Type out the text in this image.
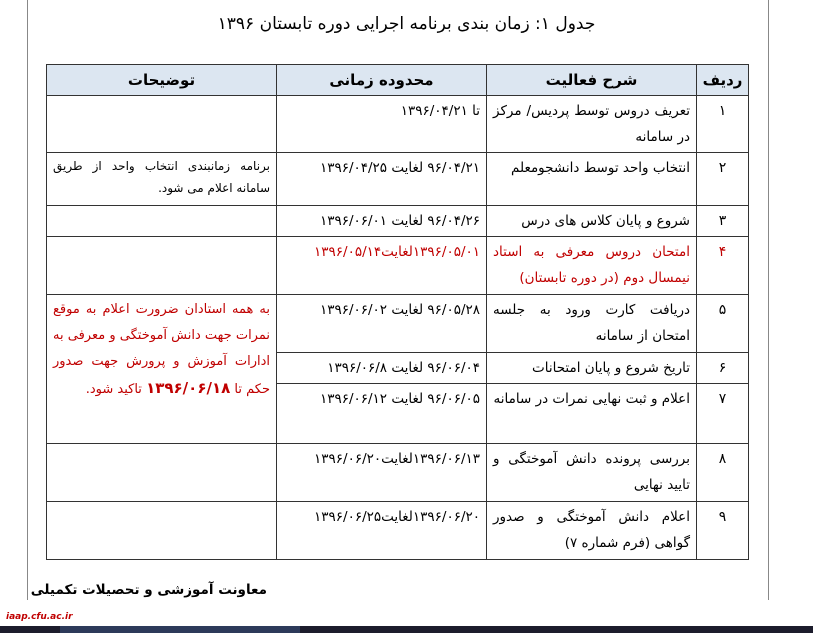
جدول ۱: زمان بندی برنامه اجرایی دوره تابستان ۱۳۹۶
ردیف	شرح فعالیت	محدوده زمانی	توضیحات
۱	تعریف دروس توسط پردیس/ مرکز در سامانه	تا ۱۳۹۶/۰۴/۲۱	
۲	انتخاب واحد توسط دانشجومعلم	۹۶/۰۴/۲۱ لغایت ۱۳۹۶/۰۴/۲۵	برنامه زمانبندی انتخاب واحد از طریق سامانه اعلام می شود.
۳	شروع و پایان کلاس های درس	۹۶/۰۴/۲۶ لغایت ۱۳۹۶/۰۶/۰۱	
۴	امتحان دروس معرفی به استاد نیمسال دوم (در دوره تابستان)	۱۳۹۶/۰۵/۰۱لغایت۱۳۹۶/۰۵/۱۴	
۵	دریافت کارت ورود به جلسه امتحان از سامانه	۹۶/۰۵/۲۸ لغایت ۱۳۹۶/۰۶/۰۲	به همه استادان ضرورت اعلام به موقع نمرات جهت دانش آموختگی و معرفی به ادارات آموزش و پرورش جهت صدور حکم تا ۱۳۹۶/۰۶/۱۸ تاکید شود.
۶	تاریخ شروع و پایان امتحانات	۹۶/۰۶/۰۴ لغایت ۱۳۹۶/۰۶/۸	
۷	اعلام و ثبت نهایی نمرات در سامانه	۹۶/۰۶/۰۵ لغایت ۱۳۹۶/۰۶/۱۲	
۸	بررسی پرونده دانش آموختگی و تایید نهایی	۱۳۹۶/۰۶/۱۳لغایت۱۳۹۶/۰۶/۲۰	
۹	اعلام دانش آموختگی و صدور گواهی (فرم شماره ۷)	۱۳۹۶/۰۶/۲۰لغایت۱۳۹۶/۰۶/۲۵	
معاونت آموزشی و تحصیلات تکمیلی
iaap.cfu.ac.ir
